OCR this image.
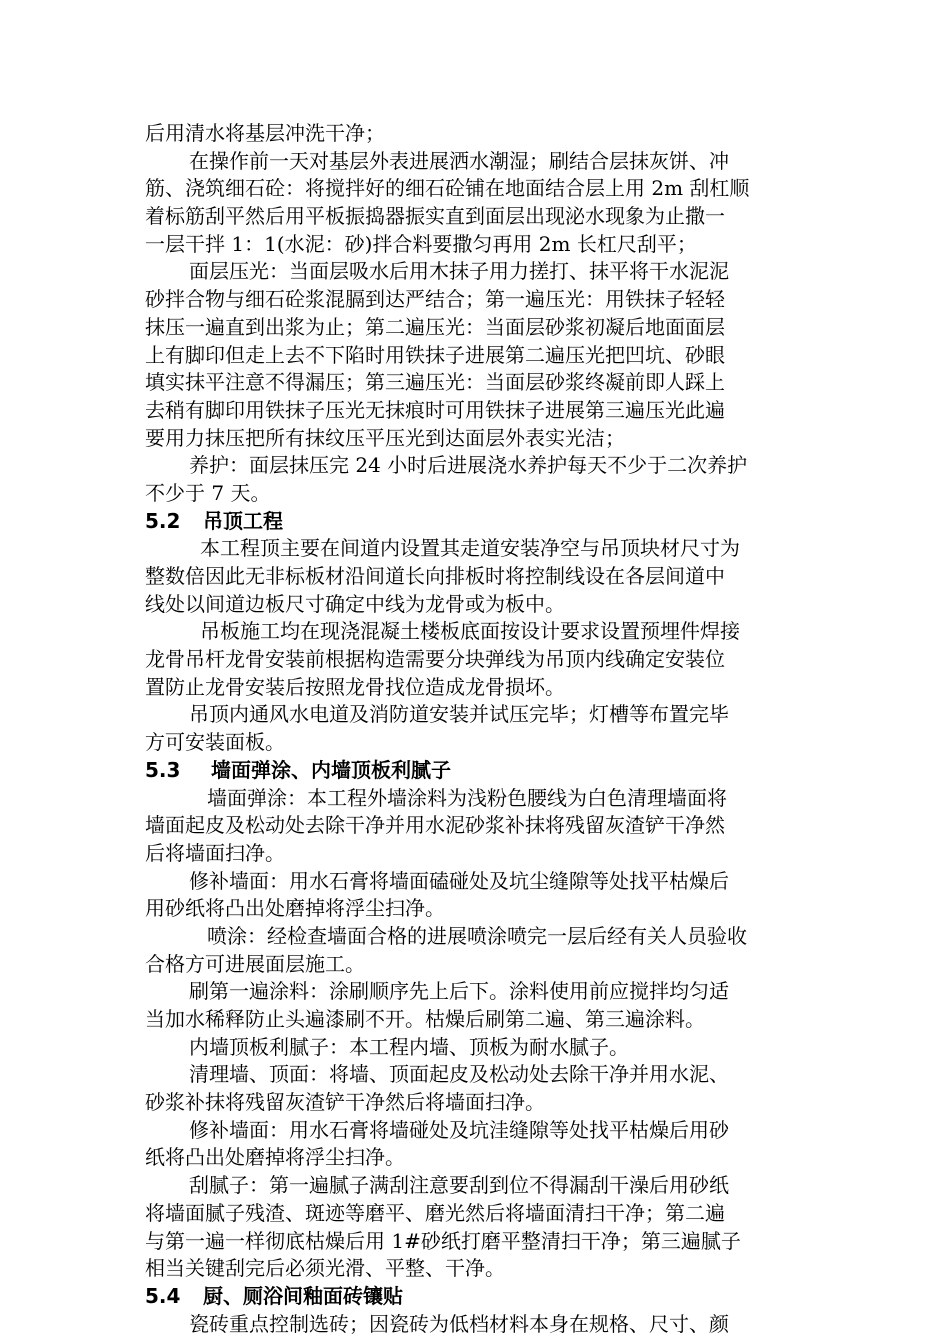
后用清水将基层冲洗干净；
在操作前一天对基层外表进展洒水潮湿；刷结合层抹灰饼、冲
筋、浇筑细石砼：将搅拌好的细石砼铺在地面结合层上用 2m 刮杠顺
着标筋刮平然后用平板振捣器振实直到面层出现泌水现象为止撒一
一层干拌 1：1(水泥：砂)拌合料要撒匀再用 2m 长杠尺刮平；
面层压光：当面层吸水后用木抹子用力搓打、抹平将干水泥泥
砂拌合物与细石砼浆混膈到达严结合；第一遍压光：用铁抹子轻轻
抹压一遍直到出浆为止；第二遍压光：当面层砂浆初凝后地面面层
上有脚印但走上去不下陷时用铁抹子进展第二遍压光把凹坑、砂眼
填实抹平注意不得漏压；第三遍压光：当面层砂浆终凝前即人踩上
去稍有脚印用铁抹子压光无抹痕时可用铁抹子进展第三遍压光此遍
要用力抹压把所有抹纹压平压光到达面层外表实光洁；
养护：面层抹压完 24 小时后进展浇水养护每天不少于二次养护
不少于 7 天。
5.2 吊顶工程
本工程顶主要在间道内设置其走道安装净空与吊顶块材尺寸为
整数倍因此无非标板材沿间道长向排板时将控制线设在各层间道中
线处以间道边板尺寸确定中线为龙骨或为板中。
吊板施工均在现浇混凝土楼板底面按设计要求设置预埋件焊接
龙骨吊杆龙骨安装前根据构造需要分块弹线为吊顶内线确定安装位
置防止龙骨安装后按照龙骨找位造成龙骨损坏。
吊顶内通风水电道及消防道安装并试压完毕；灯槽等布置完毕
方可安装面板。
5.3 墙面弹涂、内墙顶板利腻子
墙面弹涂：本工程外墙涂料为浅粉色腰线为白色清理墙面将
墙面起皮及松动处去除干净并用水泥砂浆补抹将残留灰渣铲干净然
后将墙面扫净。
修补墙面：用水石膏将墙面磕碰处及坑尘缝隙等处找平枯燥后
用砂纸将凸出处磨掉将浮尘扫净。
喷涂：经检查墙面合格的进展喷涂喷完一层后经有关人员验收
合格方可进展面层施工。
刷第一遍涂料：涂刷顺序先上后下。涂料使用前应搅拌均匀适
当加水稀释防止头遍漆刷不开。枯燥后刷第二遍、第三遍涂料。
内墙顶板利腻子：本工程内墙、顶板为耐水腻子。
清理墙、顶面：将墙、顶面起皮及松动处去除干净并用水泥、
砂浆补抹将残留灰渣铲干净然后将墙面扫净。
修补墙面：用水石膏将墙碰处及坑洼缝隙等处找平枯燥后用砂
纸将凸出处磨掉将浮尘扫净。
刮腻子：第一遍腻子满刮注意要刮到位不得漏刮干澡后用砂纸
将墙面腻子残渣、斑迹等磨平、磨光然后将墙面清扫干净；第二遍
与第一遍一样彻底枯燥后用 1#砂纸打磨平整清扫干净；第三遍腻子
相当关键刮完后必须光滑、平整、干净。
5.4 厨、厕浴间釉面砖镶贴
瓷砖重点控制选砖；因瓷砖为低档材料本身在规格、尺寸、颜
